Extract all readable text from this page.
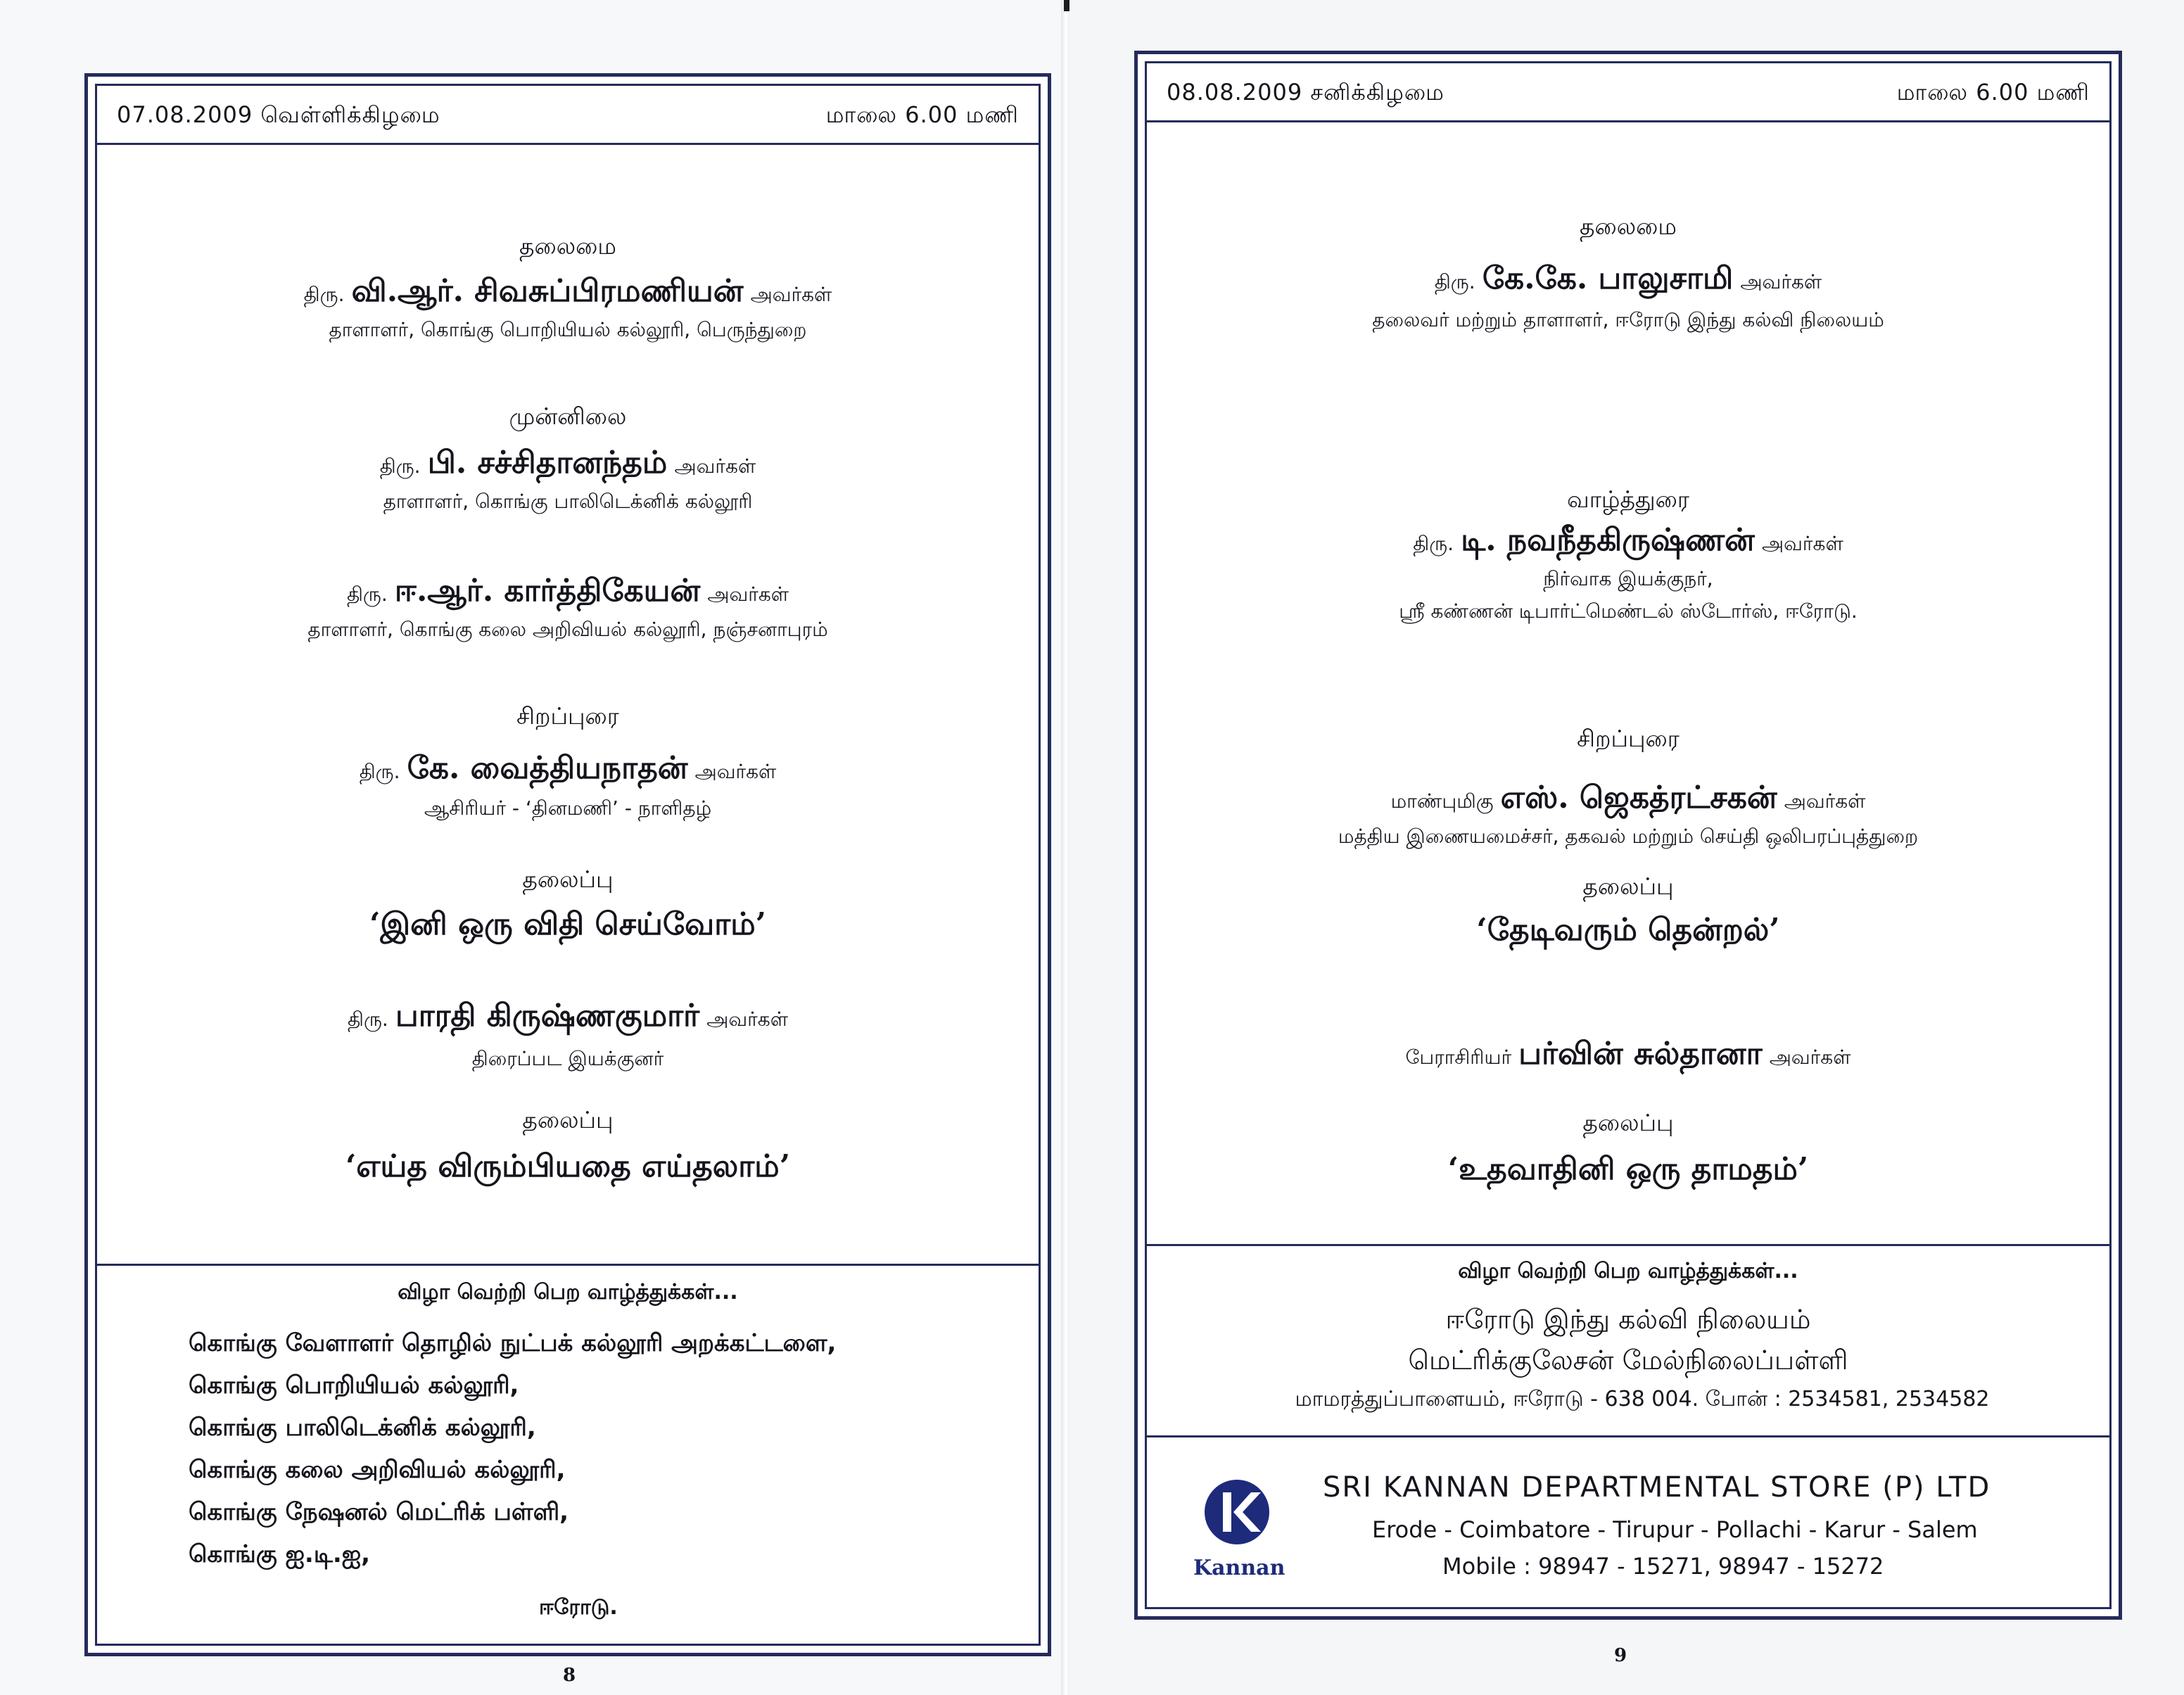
07.08.2009 வெள்ளிக்கிழமை	மாலை 6.00 மணி
தலைமை
திரு. வி.ஆர். சிவசுப்பிரமணியன் அவர்கள்
தாளாளர், கொங்கு பொறியியல் கல்லூரி, பெருந்துறை
முன்னிலை
திரு. பி. சச்சிதானந்தம் அவர்கள்
தாளாளர், கொங்கு பாலிடெக்னிக் கல்லூரி
திரு. ஈ.ஆர். கார்த்திகேயன் அவர்கள்
தாளாளர், கொங்கு கலை அறிவியல் கல்லூரி, நஞ்சனாபுரம்
சிறப்புரை
திரு. கே. வைத்தியநாதன் அவர்கள்
ஆசிரியர் - ‘தினமணி’ - நாளிதழ்
தலைப்பு
‘இனி ஒரு விதி செய்வோம்’
திரு. பாரதி கிருஷ்ணகுமார் அவர்கள்
திரைப்பட இயக்குனர்
தலைப்பு
‘எய்த விரும்பியதை எய்தலாம்’
விழா வெற்றி பெற வாழ்த்துக்கள்...
கொங்கு வேளாளர் தொழில் நுட்பக் கல்லூரி அறக்கட்டளை,
கொங்கு பொறியியல் கல்லூரி,
கொங்கு பாலிடெக்னிக் கல்லூரி,
கொங்கு கலை அறிவியல் கல்லூரி,
கொங்கு நேஷனல் மெட்ரிக் பள்ளி,
கொங்கு ஐ.டி.ஐ,
ஈரோடு.
8
08.08.2009 சனிக்கிழமை	மாலை 6.00 மணி
தலைமை
திரு. கே.கே. பாலுசாமி அவர்கள்
தலைவர் மற்றும் தாளாளர், ஈரோடு இந்து கல்வி நிலையம்
வாழ்த்துரை
திரு. டி. நவநீதகிருஷ்ணன் அவர்கள்
நிர்வாக இயக்குநர்,
ஸ்ரீ கண்ணன் டிபார்ட்மெண்டல் ஸ்டோர்ஸ், ஈரோடு.
சிறப்புரை
மாண்புமிகு எஸ். ஜெகத்ரட்சகன் அவர்கள்
மத்திய இணையமைச்சர், தகவல் மற்றும் செய்தி ஒலிபரப்புத்துறை
தலைப்பு
‘தேடிவரும் தென்றல்’
பேராசிரியர் பர்வின் சுல்தானா அவர்கள்
தலைப்பு
‘உதவாதினி ஒரு தாமதம்’
விழா வெற்றி பெற வாழ்த்துக்கள்...
ஈரோடு இந்து கல்வி நிலையம்
மெட்ரிக்குலேசன் மேல்நிலைப்பள்ளி
மாமரத்துப்பாளையம், ஈரோடு - 638 004. போன் : 2534581, 2534582
Kannan
SRI KANNAN DEPARTMENTAL STORE (P) LTD
Erode - Coimbatore - Tirupur - Pollachi - Karur - Salem
Mobile : 98947 - 15271, 98947 - 15272
9
